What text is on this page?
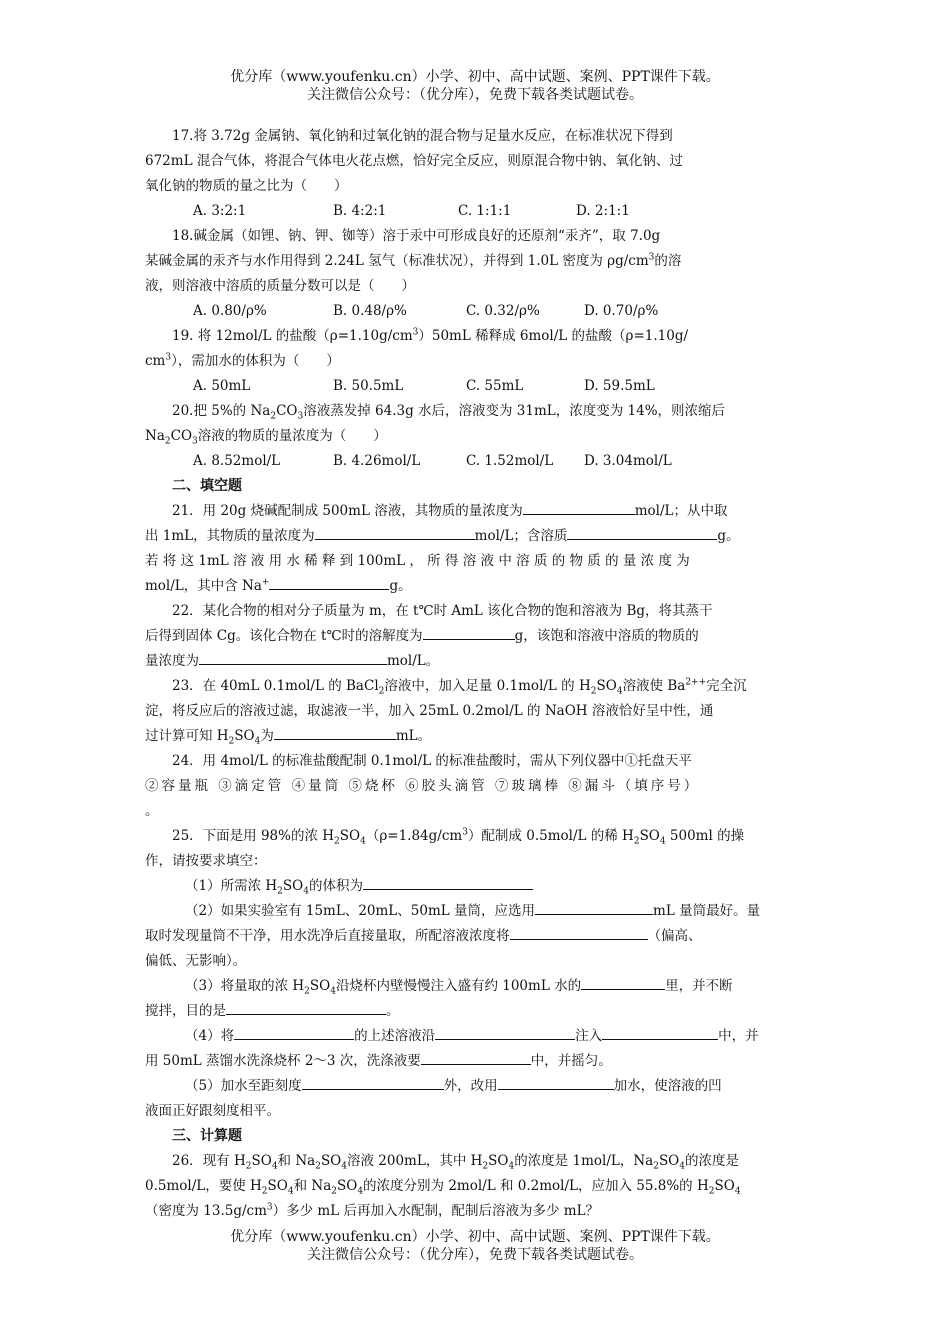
优分库（www.youfenku.cn）小学、初中、高中试题、案例、PPT课件下载。
关注微信公众号：（优分库），免费下载各类试题试卷。

17.将 3.72g 金属钠、氧化钠和过氧化钠的混合物与足量水反应，在标准状况下得到

672mL 混合气体，将混合气体电火花点燃，恰好完全反应，则原混合物中钠、氧化钠、过

氧化钠的物质的量之比为（　　）

A. 3:2:1	B. 4:2:1	C. 1:1:1	D. 2:1:1

18.碱金属（如锂、钠、钾、铷等）溶于汞中可形成良好的还原剂“汞齐”，取 7.0g

某碱金属的汞齐与水作用得到 2.24L 氢气（标准状况），并得到 1.0L 密度为 $\rho g/cm^3$的溶

液，则溶液中溶质的质量分数可以是（　　）

A. 0.80/ρ%	B. 0.48/ρ%	C. 0.32/ρ%	D. 0.70/ρ%

19. 将 12mol/L 的盐酸$(\rho=1.10g/cm^3)50mL$ 稀释成 6mol/L 的盐酸（ρ=1.10g/

$cm^3$），需加水的体积为（　　）

A. 50mL	B. 50.5mL	C. 55mL	D. 59.5mL

20.把 5%的 $Na_2CO_3$溶液蒸发掉 64.3g 水后，溶液变为 31mL，浓度变为 14%，则浓缩后

$Na_2CO_3$溶液的物质的量浓度为（　　）

A. 8.52mol/L	B. 4.26mol/L	C. 1.52mol/L	D. 3.04mol/L

二、填空题

21．用 20g 烧碱配制成 500mL 溶液，其物质的量浓度为	mol/L；从中取

出 1mL，其物质的量浓度为	mol/L；含溶质	g。

若 将 这 1mL 溶 液 用 水 稀 释 到 100mL ， 所 得 溶 液 中 溶 质 的 物 质 的 量 浓 度 为

mol/L，其中含 Na+	g。

22．某化合物的相对分子质量为 m，在 t℃时 AmL 该化合物的饱和溶液为 Bg，将其蒸干

后得到固体 Cg。该化合物在 t℃时的溶解度为	g，该饱和溶液中溶质的物质的

量浓度为	mol/L。

23．在 40mL 0.1mol/L 的 BaCl$_2$溶液中，加入足量 0.1mol/L 的 $H_2SO_4$溶液使 $Ba^{2++}$完全沉

淀，将反应后的溶液过滤，取滤液一半，加入 25mL 0.2mol/L 的 NaOH 溶液恰好呈中性，通

过计算可知 $H_2SO_4$为	mL。

24．用 4mol/L 的标准盐酸配制 0.1mol/L 的标准盐酸时，需从下列仪器中①托盘天平

②容量瓶 ③滴定管 ④量筒 ⑤烧杯 ⑥胶头滴管 ⑦玻璃棒 ⑧漏斗（填序号）

。

25．下面是用 98%的浓 $H_2SO_4(\rho=1.84g/cm^3)$配制成 0.5mol/L 的稀 $H_2SO_4$ 500ml 的操

作，请按要求填空：

（1）所需浓 $H_2SO_4$的体积为

（2）如果实验室有 15mL、20mL、50mL 量筒，应选用	mL 量筒最好。量

取时发现量筒不干净，用水洗净后直接量取，所配溶液浓度将	（偏高、

偏低、无影响）。

（3）将量取的浓 $H_2SO_4$沿烧杯内壁慢慢注入盛有约 100mL 水的	里，并不断

搅拌，目的是	。

（4）将	的上述溶液沿	注入	中，并

用 50mL 蒸馏水洗涤烧杯 2～3 次，洗涤液要	中，并摇匀。

（5）加水至距刻度	外，改用	加水，使溶液的凹

液面正好跟刻度相平。

三、计算题

26．现有 $H_2SO_4$和 $Na_2SO_4$溶液 200mL，其中 $H_2SO_4$的浓度是 1mol/L，$Na_2SO_4$的浓度是

0.5mol/L，要使 $H_2SO_4$和 $Na_2SO_4$的浓度分别为 2mol/L 和 0.2mol/L，应加入 55.8%的 $H_2SO_4$

（密度为 $13.5g/cm^3$）多少 mL 后再加入水配制，配制后溶液为多少 mL？

优分库（www.youfenku.cn）小学、初中、高中试题、案例、PPT课件下载。
关注微信公众号：（优分库），免费下载各类试题试卷。
